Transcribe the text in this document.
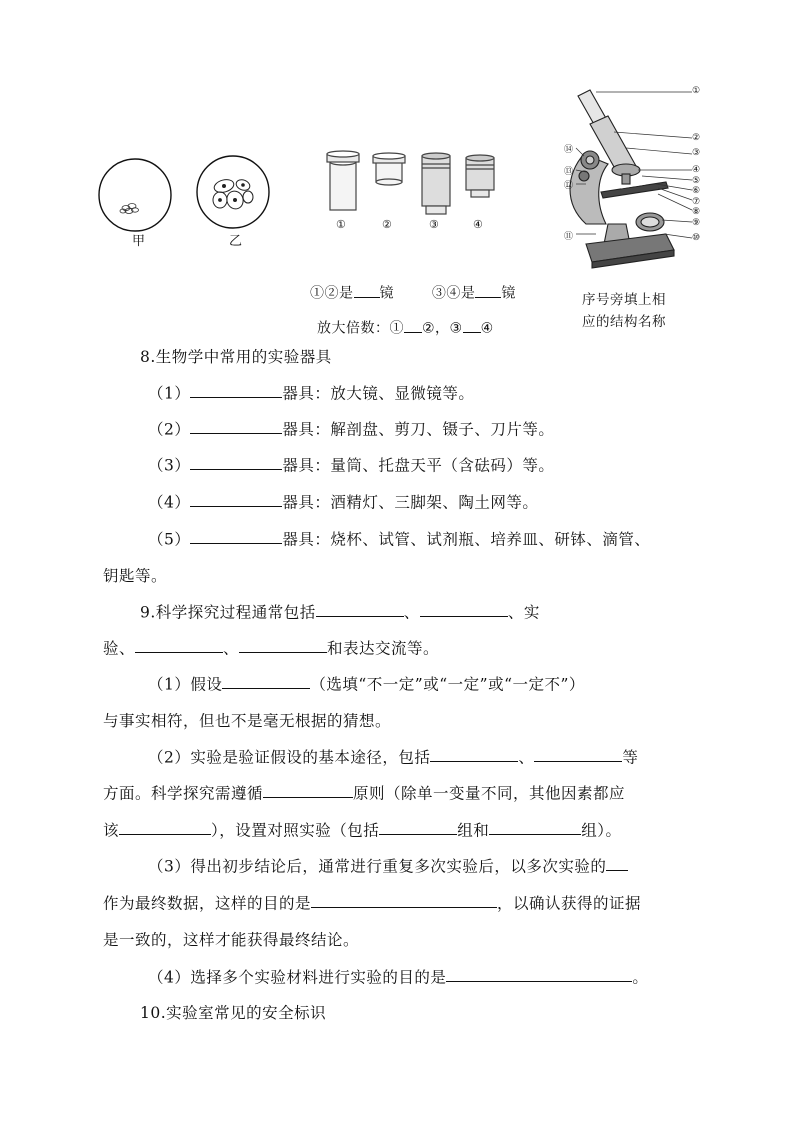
甲	乙
①	②	③	④
①②是 镜	③④是 镜
放大倍数：① ②，③ ④
①
②
③
④
⑤
⑥
⑦
⑧
⑨
⑩
⑪
⑫
⑬
⑭
序号旁填上相
应的结构名称
8.生物学中常用的实验器具
（1）	器具：放大镜、显微镜等。
（2）	器具：解剖盘、剪刀、镊子、刀片等。
（3）	器具：量筒、托盘天平（含砝码）等。
（4）	器具：酒精灯、三脚架、陶土网等。
（5）	器具：烧杯、试管、试剂瓶、培养皿、研钵、滴管、
钥匙等。
9.科学探究过程通常包括	、	、实
验、	、	和表达交流等。
（1）假设	（选填“不一定”或“一定”或“一定不”）
与事实相符，但也不是毫无根据的猜想。
（2）实验是验证假设的基本途径，包括	、	等
方面。科学探究需遵循	原则（除单一变量不同，其他因素都应
该	），设置对照实验（包括	组和	组）。
（3）得出初步结论后，通常进行重复多次实验后，以多次实验的
作为最终数据，这样的目的是	，以确认获得的证据
是一致的，这样才能获得最终结论。
（4）选择多个实验材料进行实验的目的是	。
10.实验室常见的安全标识
